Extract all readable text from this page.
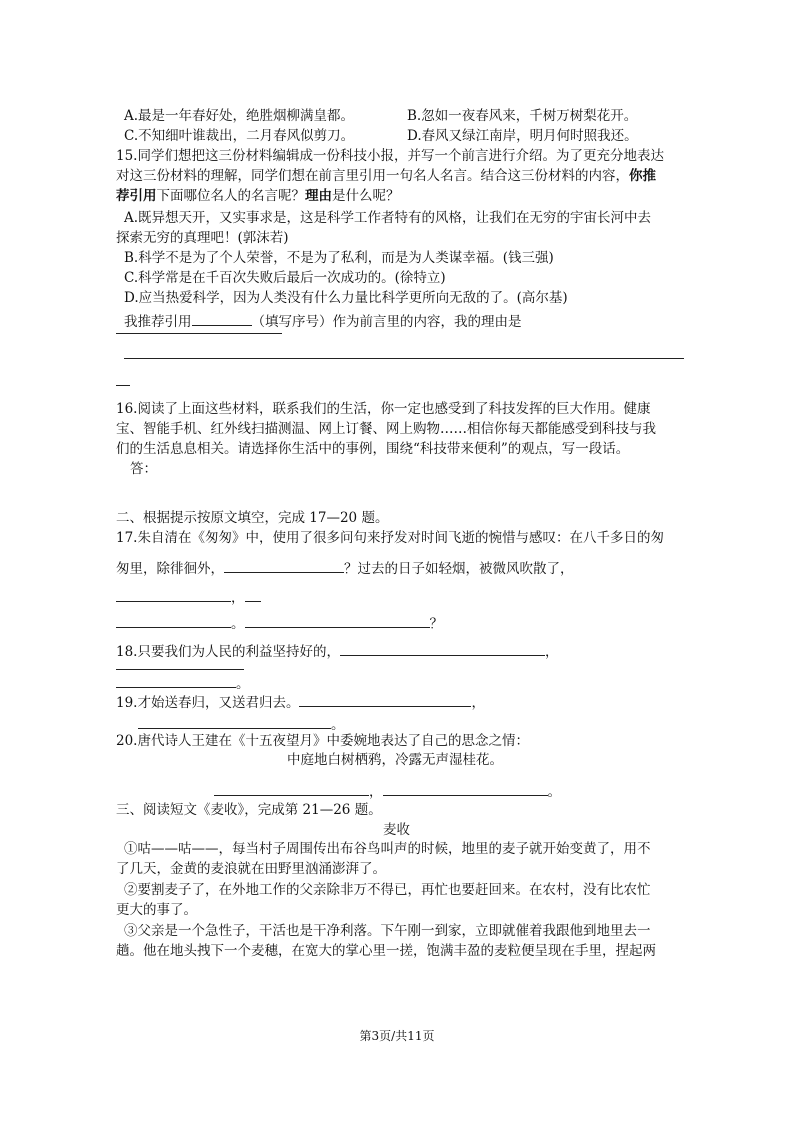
A.最是一年春好处，绝胜烟柳满皇都。	B.忽如一夜春风来，千树万树梨花开。
C.不知细叶谁裁出，二月春风似剪刀。	D.春风又绿江南岸，明月何时照我还。
15.同学们想把这三份材料编辑成一份科技小报，并写一个前言进行介绍。为了更充分地表达
对这三份材料的理解，同学们想在前言里引用一句名人名言。结合这三份材料的内容，你推
荐引用下面哪位名人的名言呢？理由是什么呢？
A.既异想天开，又实事求是，这是科学工作者特有的风格，让我们在无穷的宇宙长河中去
探索无穷的真理吧！(郭沫若)
B.科学不是为了个人荣誉，不是为了私利，而是为人类谋幸福。(钱三强)
C.科学常是在千百次失败后最后一次成功的。(徐特立)
D.应当热爱科学，因为人类没有什么力量比科学更所向无敌的了。(高尔基)
我推荐引用	（填写序号）作为前言里的内容，我的理由是
16.阅读了上面这些材料，联系我们的生活，你一定也感受到了科技发挥的巨大作用。健康
宝、智能手机、红外线扫描测温、网上订餐、网上购物……相信你每天都能感受到科技与我
们的生活息息相关。请选择你生活中的事例，围绕“科技带来便利”的观点，写一段话。
答：
二、根据提示按原文填空，完成 17—20 题。
17.朱自清在《匆匆》中，使用了很多问句来抒发对时间飞逝的惋惜与感叹：在八千多日的匆
匆里，除徘徊外，	？过去的日子如轻烟，被微风吹散了，
，
。	？
18.只要我们为人民的利益坚持好的，	，
。
19.才始送春归，又送君归去。	，
。
20.唐代诗人王建在《十五夜望月》中委婉地表达了自己的思念之情：
中庭地白树栖鸦，冷露无声湿桂花。
，	。
三、阅读短文《麦收》，完成第 21—26 题。
麦收
①咕——咕——，每当村子周围传出布谷鸟叫声的时候，地里的麦子就开始变黄了，用不
了几天，金黄的麦浪就在田野里汹涌澎湃了。
②要割麦子了，在外地工作的父亲除非万不得已，再忙也要赶回来。在农村，没有比农忙
更大的事了。
③父亲是一个急性子，干活也是干净利落。下午刚一到家，立即就催着我跟他到地里去一
趟。他在地头拽下一个麦穗，在宽大的掌心里一搓，饱满丰盈的麦粒便呈现在手里，捏起两
第3页/共11页
